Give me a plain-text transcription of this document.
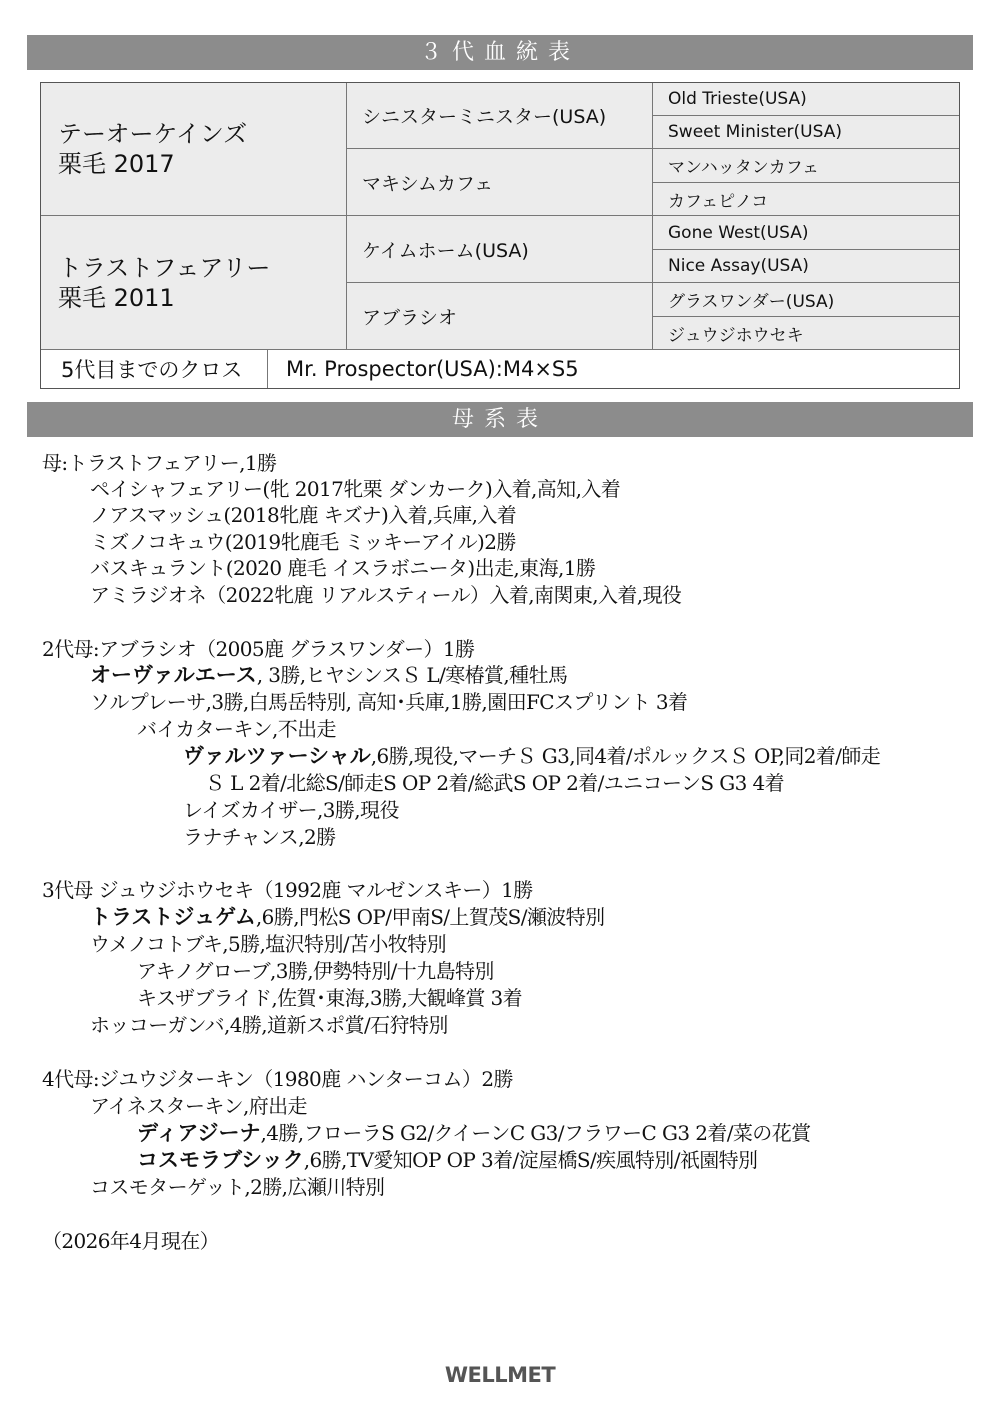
３代血統表
テーオーケインズ
栗毛 2017
シニスターミニスター(USA)
Old Trieste(USA)
Sweet Minister(USA)
マキシムカフェ
マンハッタンカフェ
カフェピノコ
トラストフェアリー
栗毛 2011
ケイムホーム(USA)
Gone West(USA)
Nice Assay(USA)
アブラシオ
グラスワンダー(USA)
ジュウジホウセキ
5代目までのクロス	Mr. Prospector(USA):M4×S5
母系表
母:トラストフェアリー,1勝
ペイシャフェアリー(牝 2017牝栗 ダンカーク)入着,高知,入着
ノアスマッシュ(2018牝鹿 キズナ)入着,兵庫,入着
ミズノコキュウ(2019牝鹿毛 ミッキーアイル)2勝
バスキュラント(2020 鹿毛 イスラボニータ)出走,東海,1勝
アミラジオネ（2022牝鹿 リアルスティール）入着,南関東,入着,現役
2代母:アブラシオ（2005鹿 グラスワンダー）1勝
オーヴァルエース, 3勝,ヒヤシンスＳ L/寒椿賞,種牡馬
ソルプレーサ,3勝,白馬岳特別, 高知･兵庫,1勝,園田FCスプリント 3着
バイカターキン,不出走
ヴァルツァーシャル,6勝,現役,マーチＳ G3,同4着/ポルックスＳ OP,同2着/師走
Ｓ L 2着/北総S/師走S OP 2着/総武S OP 2着/ユニコーンS G3 4着
レイズカイザー,3勝,現役
ラナチャンス,2勝
3代母 ジュウジホウセキ（1992鹿 マルゼンスキー）1勝
トラストジュゲム,6勝,門松S OP/甲南S/上賀茂S/瀬波特別
ウメノコトブキ,5勝,塩沢特別/苫小牧特別
アキノグローブ,3勝,伊勢特別/十九島特別
キスザブライド,佐賀･東海,3勝,大観峰賞 3着
ホッコーガンバ,4勝,道新スポ賞/石狩特別
4代母:ジユウジターキン（1980鹿 ハンターコム）2勝
アイネスターキン,府出走
ディアジーナ,4勝,フローラS G2/クイーンC G3/フラワーC G3 2着/菜の花賞
コスモラブシック,6勝,TV愛知OP OP 3着/淀屋橋S/疾風特別/祇園特別
コスモターゲット,2勝,広瀬川特別
（2026年4月現在）
WELLMET
